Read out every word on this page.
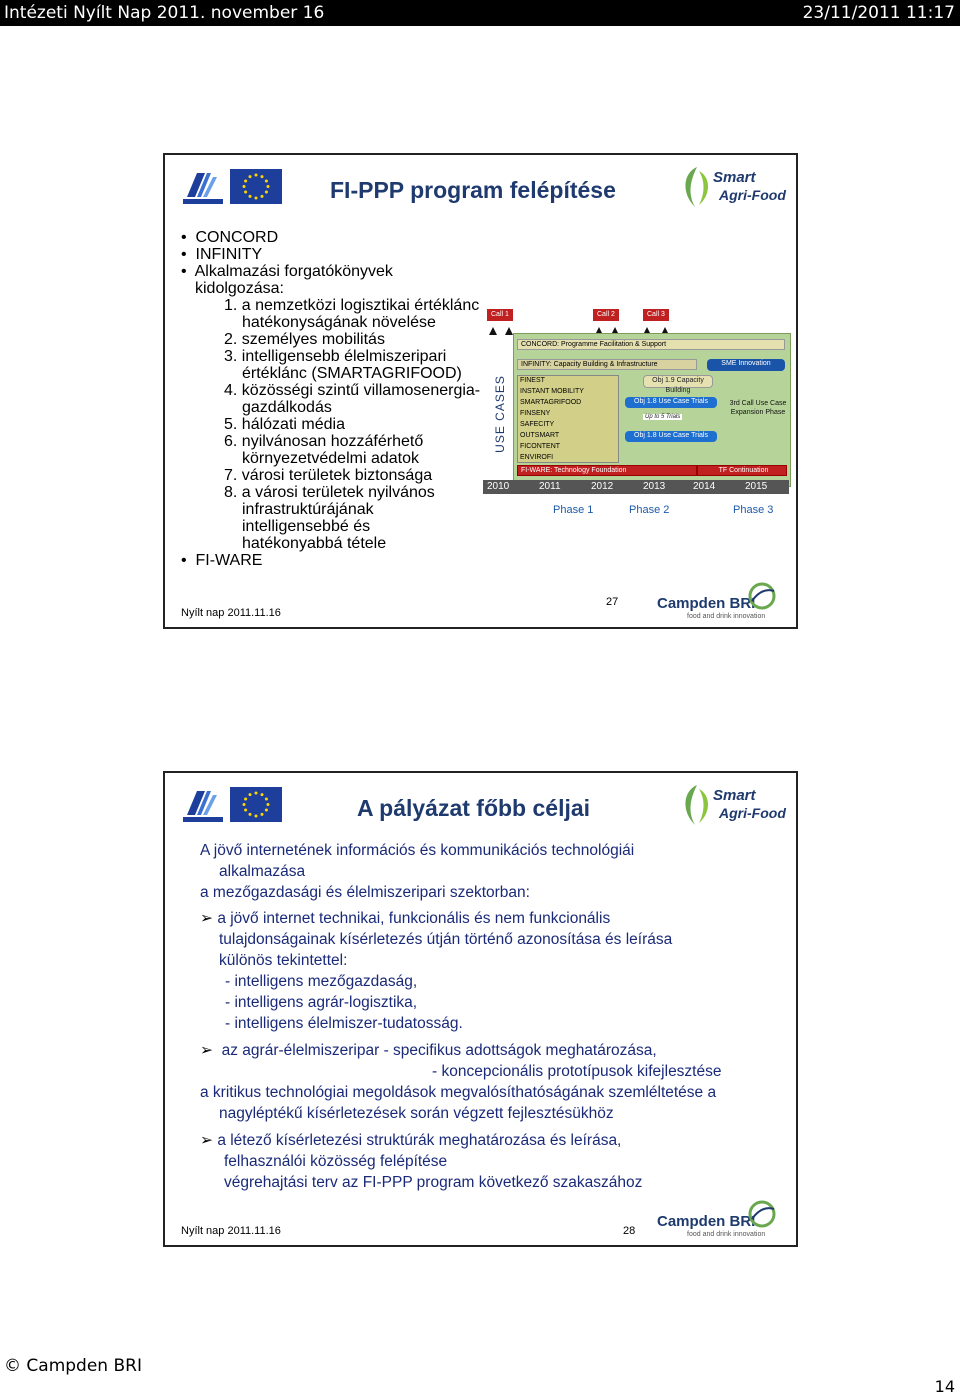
Intézeti Nyílt Nap 2011. november 16	23/11/2011 11:17
FI-PPP program felépítése	Smart
Agri-Food
•  CONCORD
•  INFINITY
•  Alkalmazási forgatókönyvek kidolgozása:
1. a nemzetközi logisztikai értéklánc hatékonyságának növelése
2. személyes mobilitás
3. intelligensebb élelmiszeripari értéklánc (SMARTAGRIFOOD)
4. közösségi szintű villamosenergia-gazdálkodás
5. hálózati média
6. nyilvánosan hozzáférhető környezetvédelmi adatok
7. városi területek biztonsága
8. a városi területek nyilvános infrastruktúrájának intelligensebbé és hatékonyabbá tétele
•  FI-WARE
Call 1	Call 2	Call 3
USE CASES
CONCORD: Programme Facilitation & Support
INFINITY: Capacity Building & Infrastructure
FINEST
INSTANT MOBILITY
SMARTAGRIFOOD
FINSENY
SAFECITY
OUTSMART
FICONTENT
ENVIROFI
Obj 1.9 Capacity Building
Obj 1.8 Use Case Trials
Up to 5 Trials
Obj 1.8 Use Case Trials
SME Innovation
3rd Call Use Case Expansion Phase
FI-WARE: Technology Foundation	TF Continuation
2010	2011	2012	2013	2014	2015
Phase 1	Phase 2	Phase 3
Nyílt nap 2011.11.16
27	Campden BRI
food and drink innovation
A pályázat főbb céljai	Smart
Agri-Food
A jövő internetének információs és kommunikációs technológiái
alkalmazása
a mezőgazdasági és élelmiszeripari szektorban:
➢ a jövő internet technikai, funkcionális és nem funkcionális
tulajdonságainak kísérletezés útján történő azonosítása és leírása
különös tekintettel:
- intelligens mezőgazdaság,
- intelligens agrár-logisztika,
- intelligens élelmiszer-tudatosság.
➢ az agrár-élelmiszeripar - specifikus adottságok meghatározása,
- koncepcionális prototípusok kifejlesztése
a kritikus technológiai megoldások megvalósíthatóságának szemléltetése a
nagyléptékű kísérletezések során végzett fejlesztésükhöz
➢ a létező kísérletezési struktúrák meghatározása és leírása,
felhasználói közösség felépítése
végrehajtási terv az FI-PPP program következő szakaszához
Nyílt nap 2011.11.16	28
Campden BRI
food and drink innovation
© Campden BRI
14
